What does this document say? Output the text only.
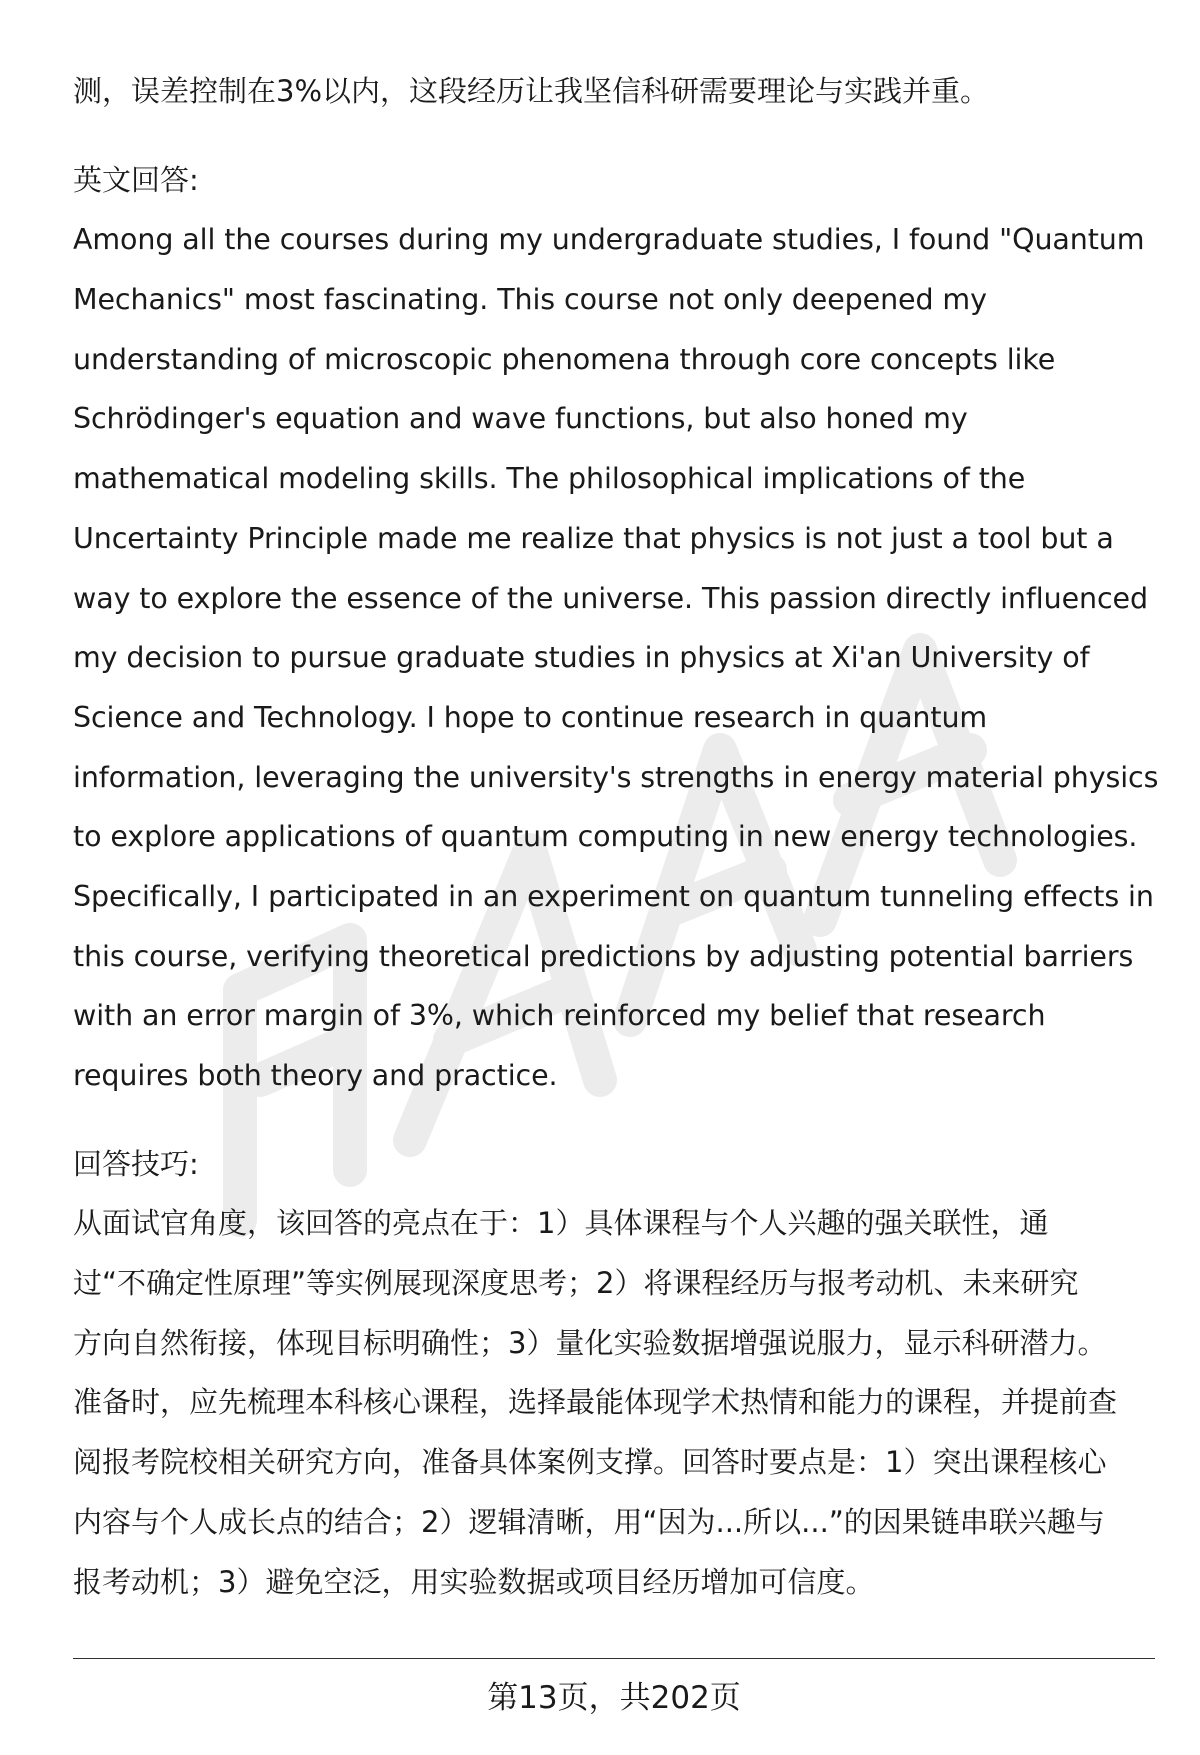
测，误差控制在3%以内，这段经历让我坚信科研需要理论与实践并重。

英文回答:

Among all the courses during my undergraduate studies, I found "Quantum

Mechanics" most fascinating. This course not only deepened my

understanding of microscopic phenomena through core concepts like

Schrödinger's equation and wave functions, but also honed my

mathematical modeling skills. The philosophical implications of the

Uncertainty Principle made me realize that physics is not just a tool but a

way to explore the essence of the universe. This passion directly influenced

my decision to pursue graduate studies in physics at Xi'an University of

Science and Technology. I hope to continue research in quantum

information, leveraging the university's strengths in energy material physics

to explore applications of quantum computing in new energy technologies.

Specifically, I participated in an experiment on quantum tunneling effects in

this course, verifying theoretical predictions by adjusting potential barriers

with an error margin of 3%, which reinforced my belief that research

requires both theory and practice.

回答技巧:

从面试官角度，该回答的亮点在于：1）具体课程与个人兴趣的强关联性，通

过“不确定性原理”等实例展现深度思考；2）将课程经历与报考动机、未来研究

方向自然衔接，体现目标明确性；3）量化实验数据增强说服力，显示科研潜力。

准备时，应先梳理本科核心课程，选择最能体现学术热情和能力的课程，并提前查

阅报考院校相关研究方向，准备具体案例支撑。回答时要点是：1）突出课程核心

内容与个人成长点的结合；2）逻辑清晰，用“因为...所以...”的因果链串联兴趣与

报考动机；3）避免空泛，用实验数据或项目经历增加可信度。

第13页，共202页
